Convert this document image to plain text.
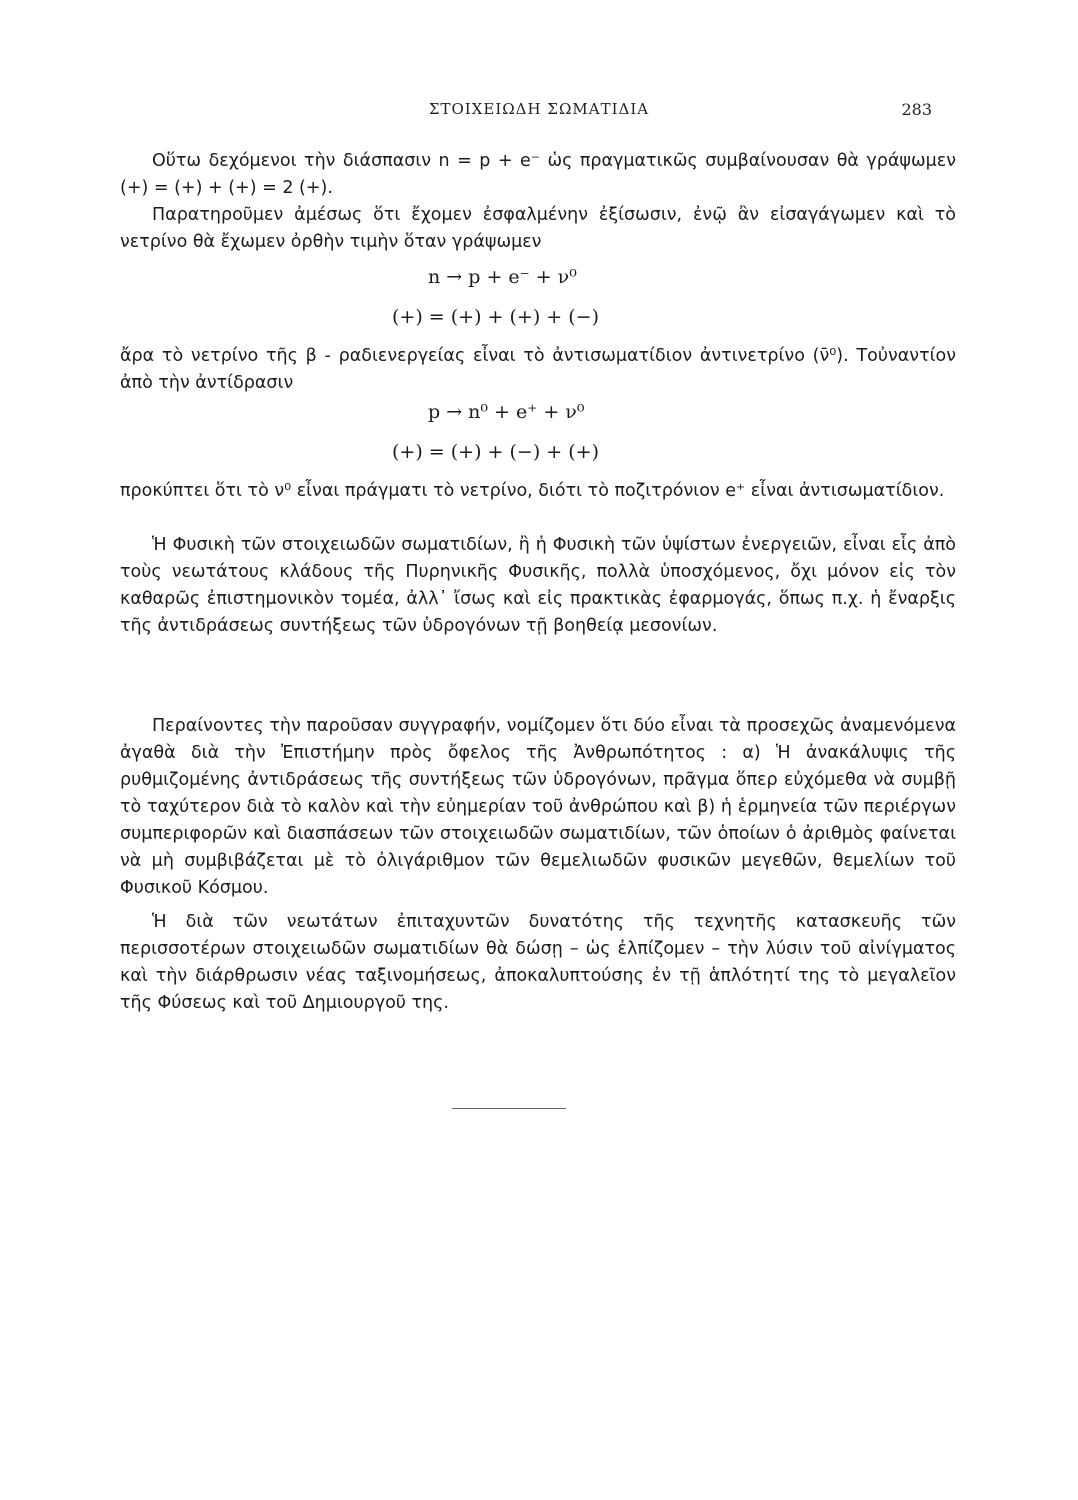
ΣΤΟΙΧΕΙΩΔΗ ΣΩΜΑΤΙΔΙΑ	283

Οὕτω δεχόμενοι τὴν διάσπασιν n = p + e⁻ ὡς πραγματικῶς συμβαίνουσαν θὰ γράψωμεν (+) = (+) + (+) = 2 (+).

Παρατηροῦμεν ἀμέσως ὅτι ἔχομεν ἐσφαλμένην ἐξίσωσιν, ἐνῷ ἂν εἰσαγάγωμεν καὶ τὸ νετρίνο θὰ ἔχωμεν ὀρθὴν τιμὴν ὅταν γράψωμεν

n → p + e⁻ + ν⁰
(+) = (+) + (+) + (−)

ἄρα τὸ νετρίνο τῆς β - ραδιενεργείας εἶναι τὸ ἀντισωματίδιον ἀντινετρίνο (ν̄⁰). Τοὐναντίον ἀπὸ τὴν ἀντίδρασιν

p → n⁰ + e⁺ + ν⁰
(+) = (+) + (−) + (+)

προκύπτει ὅτι τὸ ν⁰ εἶναι πράγματι τὸ νετρίνο, διότι τὸ ποζιτρόνιον e⁺ εἶναι ἀντισωματίδιον.

Ἡ Φυσικὴ τῶν στοιχειωδῶν σωματιδίων, ἢ ἡ Φυσικὴ τῶν ὑψίστων ἐνεργειῶν, εἶναι εἷς ἀπὸ τοὺς νεωτάτους κλάδους τῆς Πυρηνικῆς Φυσικῆς, πολλὰ ὑποσχόμενος, ὄχι μόνον εἰς τὸν καθαρῶς ἐπιστημονικὸν τομέα, ἀλλ᾽ ἴσως καὶ εἰς πρακτικὰς ἐφαρμογάς, ὅπως π.χ. ἡ ἔναρξις τῆς ἀντιδράσεως συντήξεως τῶν ὑδρογόνων τῇ βοηθείᾳ μεσονίων.

Περαίνοντες τὴν παροῦσαν συγγραφήν, νομίζομεν ὅτι δύο εἶναι τὰ προσεχῶς ἀναμενόμενα ἀγαθὰ διὰ τὴν Ἐπιστήμην πρὸς ὄφελος τῆς Ἀνθρωπότητος : α) Ἡ ἀνακάλυψις τῆς ρυθμιζομένης ἀντιδράσεως τῆς συντήξεως τῶν ὑδρογόνων, πρᾶγμα ὅπερ εὐχόμεθα νὰ συμβῇ τὸ ταχύτερον διὰ τὸ καλὸν καὶ τὴν εὐημερίαν τοῦ ἀνθρώπου καὶ β) ἡ ἑρμηνεία τῶν περιέργων συμπεριφορῶν καὶ διασπάσεων τῶν στοιχειωδῶν σωματιδίων, τῶν ὁποίων ὁ ἀριθμὸς φαίνεται νὰ μὴ συμβιβάζεται μὲ τὸ ὀλιγάριθμον τῶν θεμελιωδῶν φυσικῶν μεγεθῶν, θεμελίων τοῦ Φυσικοῦ Κόσμου.

Ἡ διὰ τῶν νεωτάτων ἐπιταχυντῶν δυνατότης τῆς τεχνητῆς κατασκευῆς τῶν περισσοτέρων στοιχειωδῶν σωματιδίων θὰ δώσῃ – ὡς ἐλπίζομεν – τὴν λύσιν τοῦ αἰνίγματος καὶ τὴν διάρθρωσιν νέας ταξινομήσεως, ἀποκαλυπτούσης ἐν τῇ ἁπλότητί της τὸ μεγαλεῖον τῆς Φύσεως καὶ τοῦ Δημιουργοῦ της.
